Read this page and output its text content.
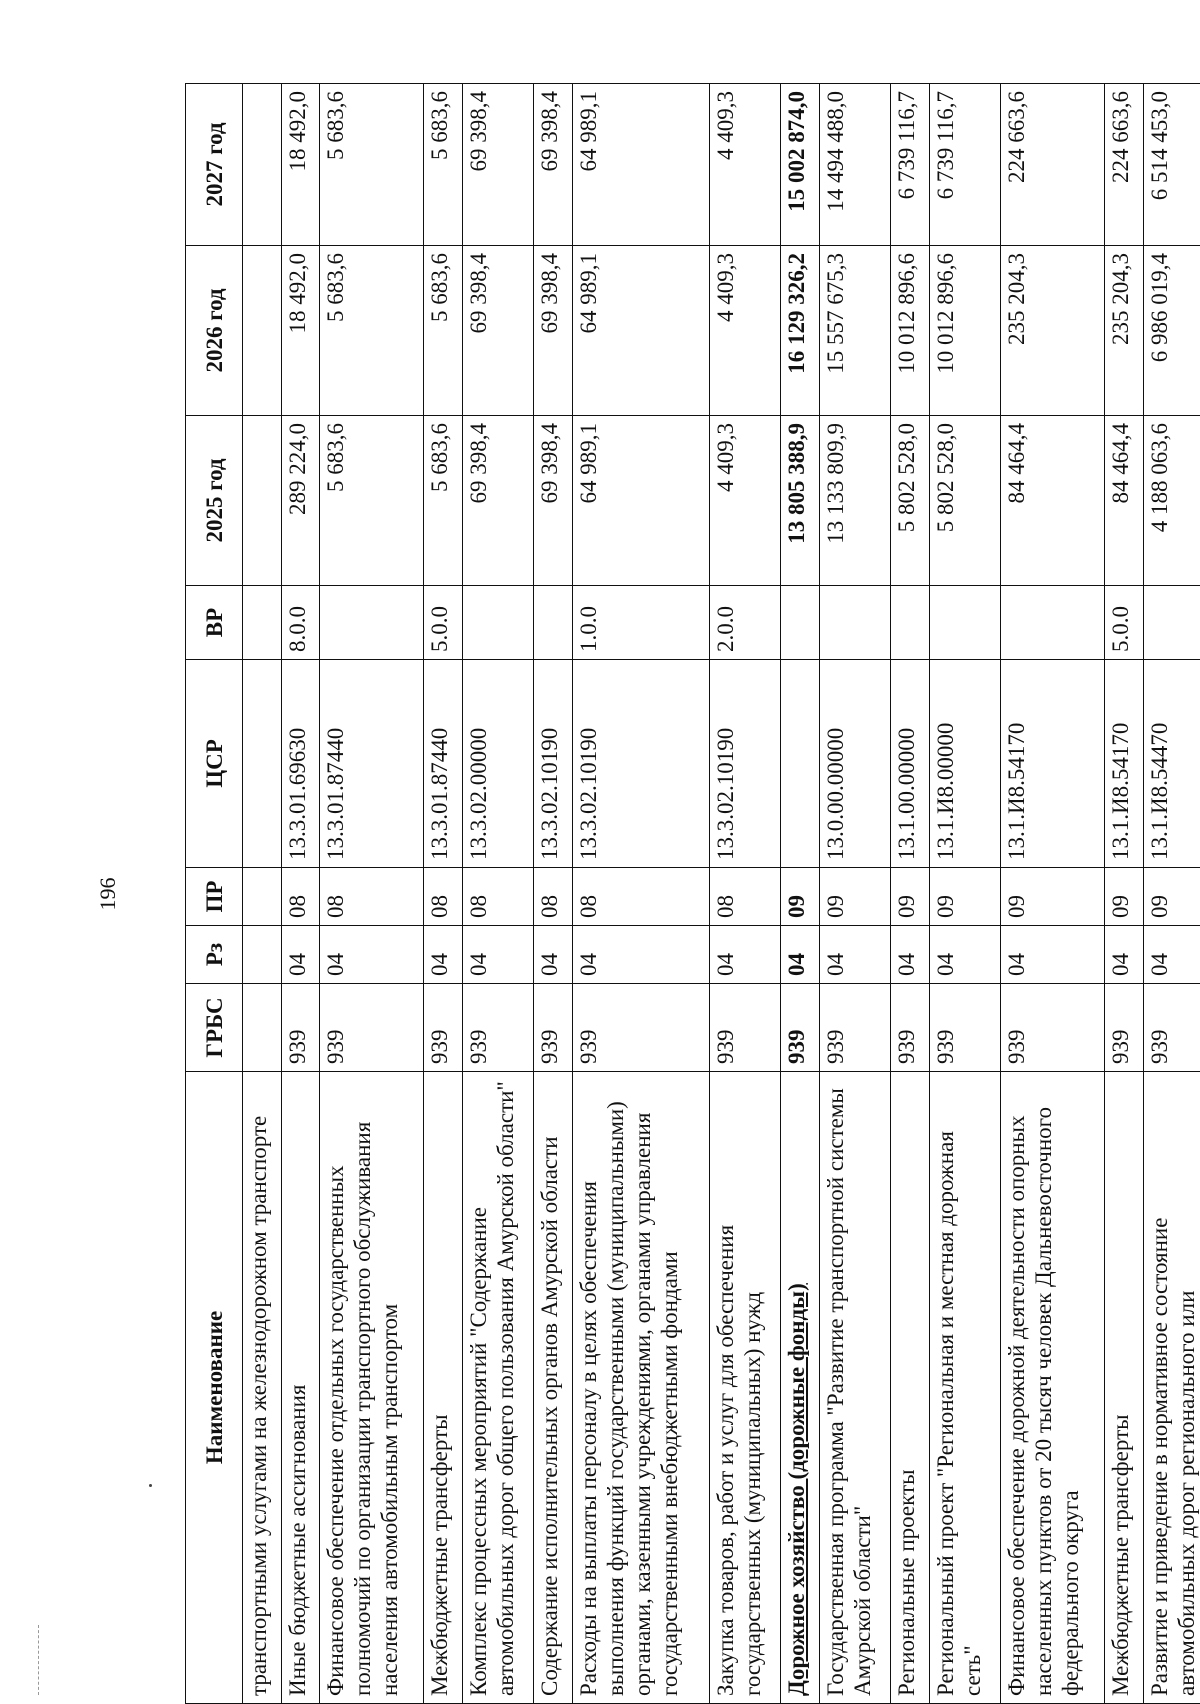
196
Наименование	ГРБС	Рз	ПР	ЦСР	ВР	2025 год	2026 год	2027 год
транспортными услугами на железнодорожном транспорте								
Иные бюджетные ассигнования	939	04	08	13.3.01.69630	8.0.0	289 224,0	18 492,0	18 492,0
Финансовое обеспечение отдельных государственных полномочий по организации транспортного обслуживания населения автомобильным транспортом	939	04	08	13.3.01.87440		5 683,6	5 683,6	5 683,6
Межбюджетные трансферты	939	04	08	13.3.01.87440	5.0.0	5 683,6	5 683,6	5 683,6
Комплекс процессных мероприятий "Содержание автомобильных дорог общего пользования Амурской области"	939	04	08	13.3.02.00000		69 398,4	69 398,4	69 398,4
Содержание исполнительных органов Амурской области	939	04	08	13.3.02.10190		69 398,4	69 398,4	69 398,4
Расходы на выплаты персоналу в целях обеспечения выполнения функций государственными (муниципальными) органами, казенными учреждениями, органами управления государственными внебюджетными фондами	939	04	08	13.3.02.10190	1.0.0	64 989,1	64 989,1	64 989,1
Закупка товаров, работ и услуг для обеспечения государственных (муниципальных) нужд	939	04	08	13.3.02.10190	2.0.0	4 409,3	4 409,3	4 409,3
Дорожное хозяйство (дорожные фонды)	939	04	09			13 805 388,9	16 129 326,2	15 002 874,0
Государственная программа "Развитие транспортной системы Амурской области"	939	04	09	13.0.00.00000		13 133 809,9	15 557 675,3	14 494 488,0
Региональные проекты	939	04	09	13.1.00.00000		5 802 528,0	10 012 896,6	6 739 116,7
Региональный проект "Региональная и местная дорожная сеть"	939	04	09	13.1.И8.00000		5 802 528,0	10 012 896,6	6 739 116,7
Финансовое обеспечение дорожной деятельности опорных населенных пунктов от 20 тысяч человек Дальневосточного федерального округа	939	04	09	13.1.И8.54170		84 464,4	235 204,3	224 663,6
Межбюджетные трансферты	939	04	09	13.1.И8.54170	5.0.0	84 464,4	235 204,3	224 663,6
Развитие и приведение в нормативное состояние автомобильных дорог регионального или	939	04	09	13.1.И8.54470		4 188 063,6	6 986 019,4	6 514 453,0
